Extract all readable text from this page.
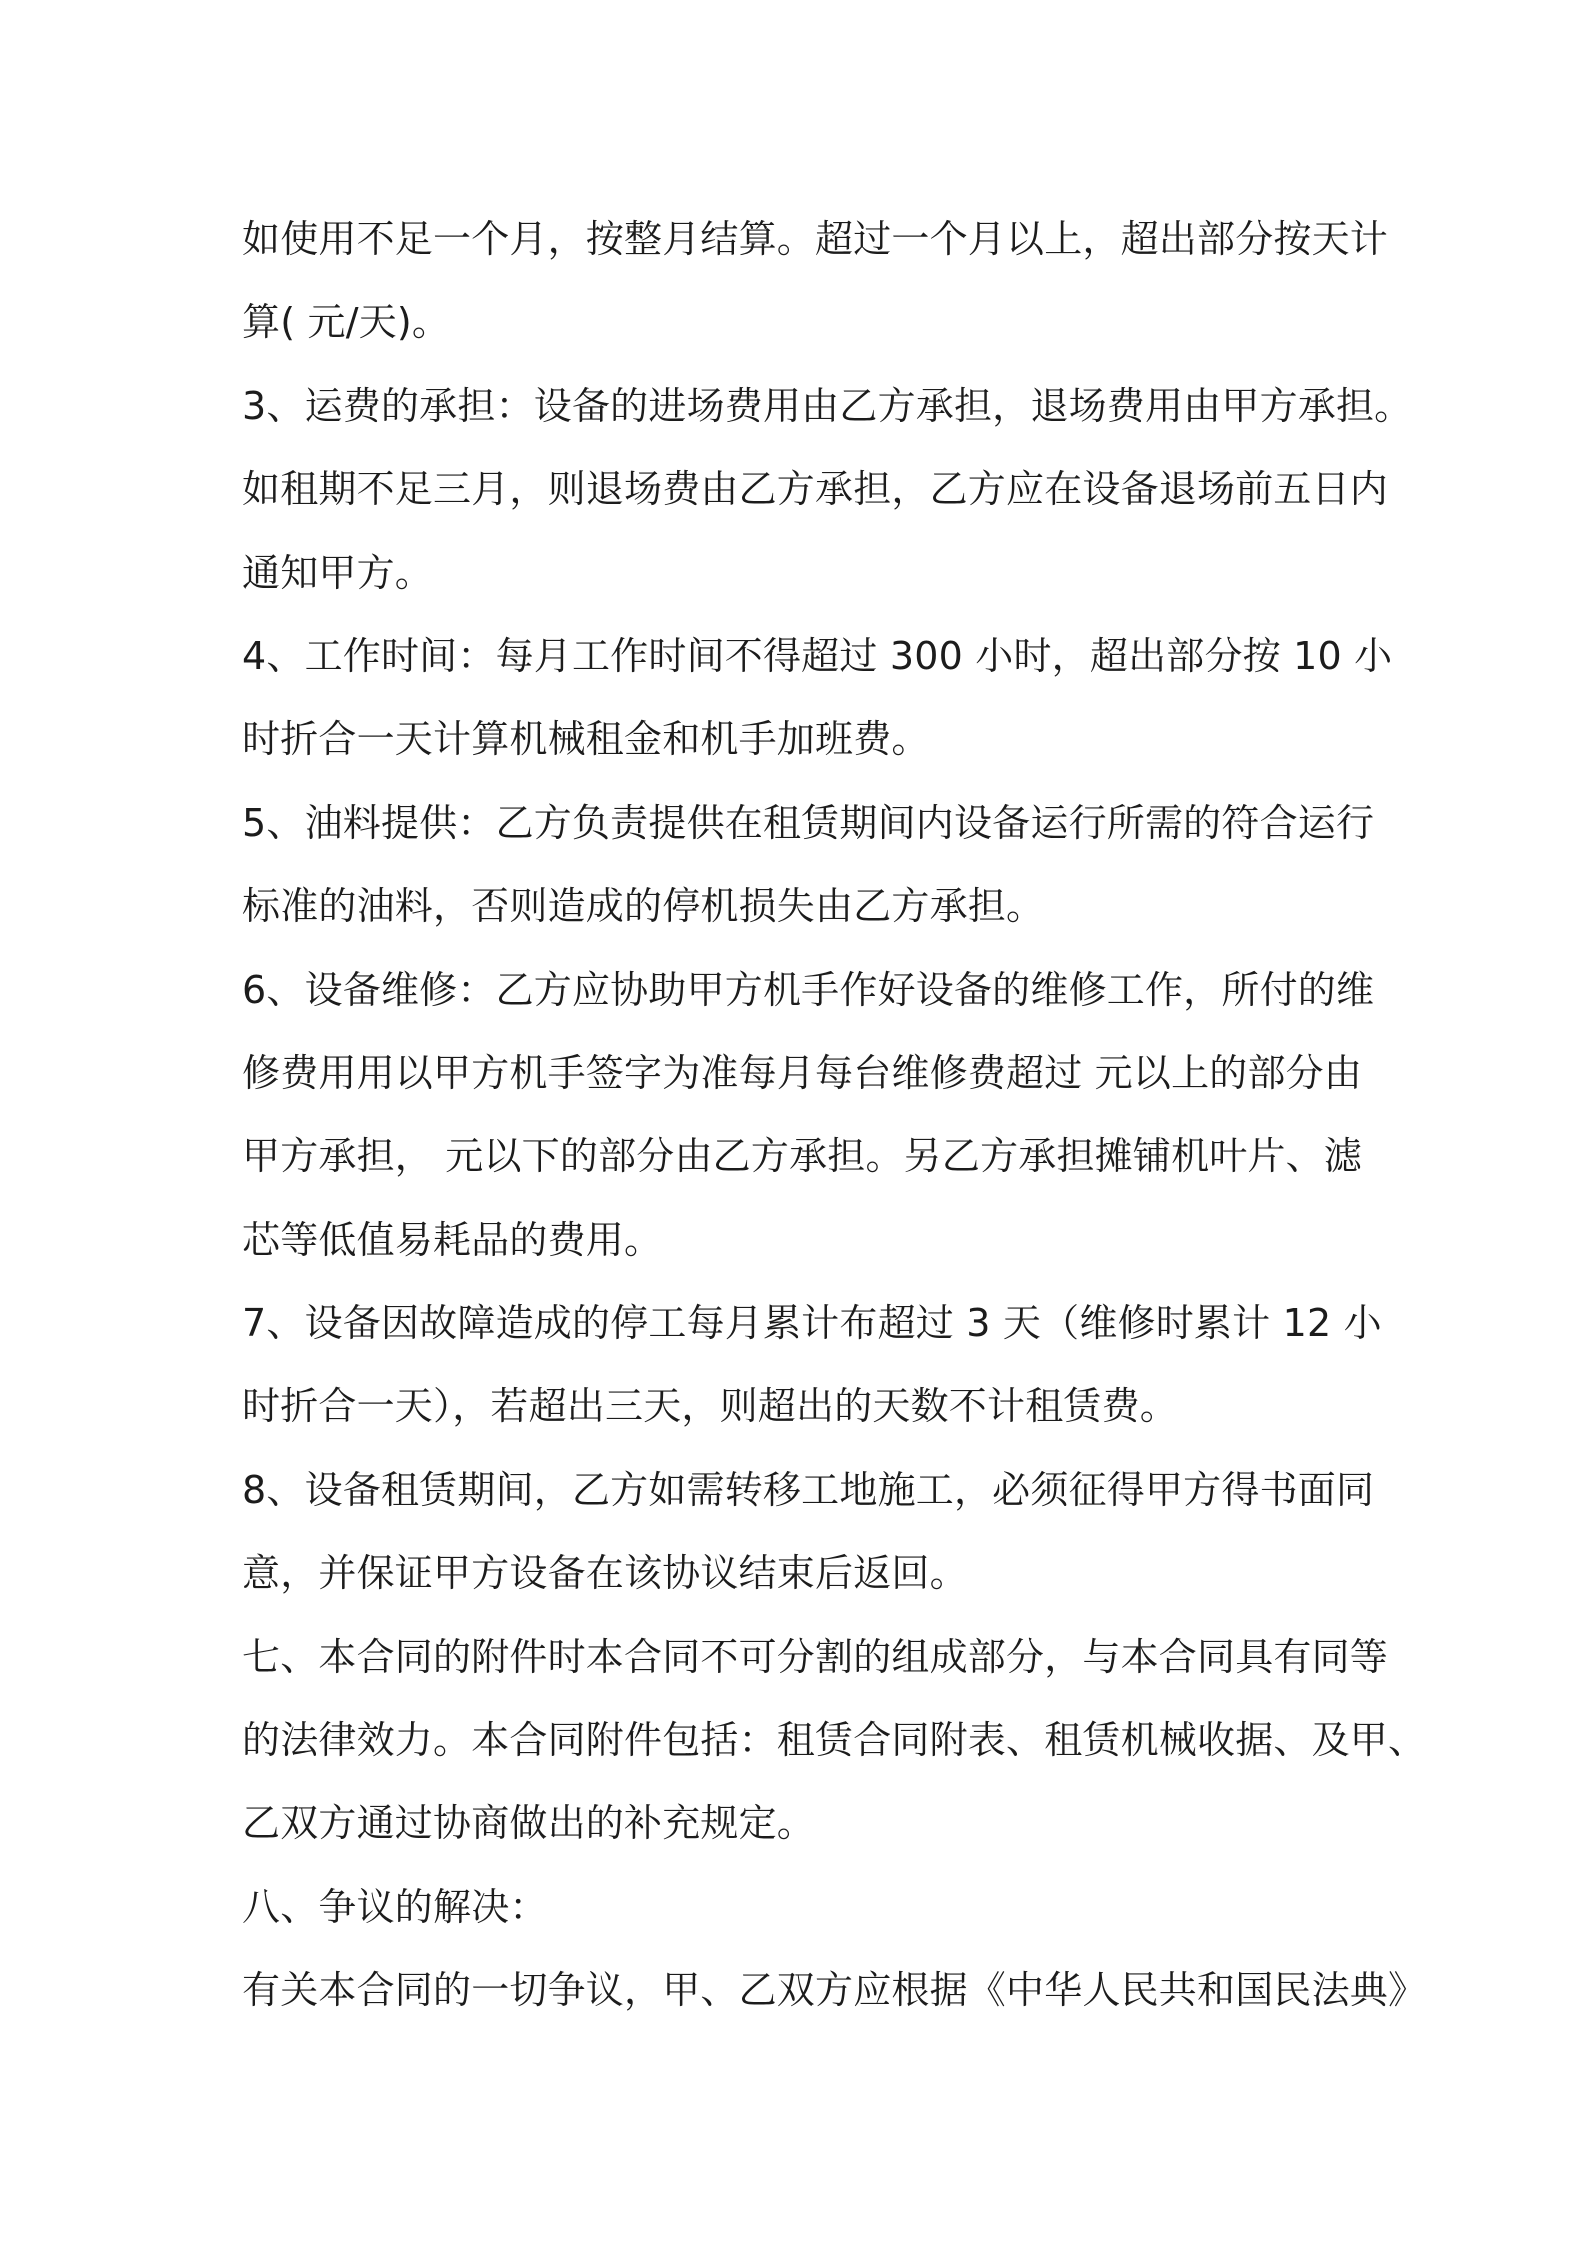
如使用不足一个月，按整月结算。超过一个月以上，超出部分按天计
算( 元/天)。
3、运费的承担：设备的进场费用由乙方承担，退场费用由甲方承担。
如租期不足三月，则退场费由乙方承担，乙方应在设备退场前五日内
通知甲方。
4、工作时间：每月工作时间不得超过 300 小时，超出部分按 10 小
时折合一天计算机械租金和机手加班费。
5、油料提供：乙方负责提供在租赁期间内设备运行所需的符合运行
标准的油料，否则造成的停机损失由乙方承担。
6、设备维修：乙方应协助甲方机手作好设备的维修工作，所付的维
修费用用以甲方机手签字为准每月每台维修费超过 元以上的部分由
甲方承担， 元以下的部分由乙方承担。另乙方承担摊铺机叶片、滤
芯等低值易耗品的费用。
7、设备因故障造成的停工每月累计布超过 3 天（维修时累计 12 小
时折合一天），若超出三天，则超出的天数不计租赁费。
8、设备租赁期间，乙方如需转移工地施工，必须征得甲方得书面同
意，并保证甲方设备在该协议结束后返回。
七、本合同的附件时本合同不可分割的组成部分，与本合同具有同等
的法律效力。本合同附件包括：租赁合同附表、租赁机械收据、及甲、
乙双方通过协商做出的补充规定。
八、争议的解决：
有关本合同的一切争议，甲、乙双方应根据《中华人民共和国民法典》
